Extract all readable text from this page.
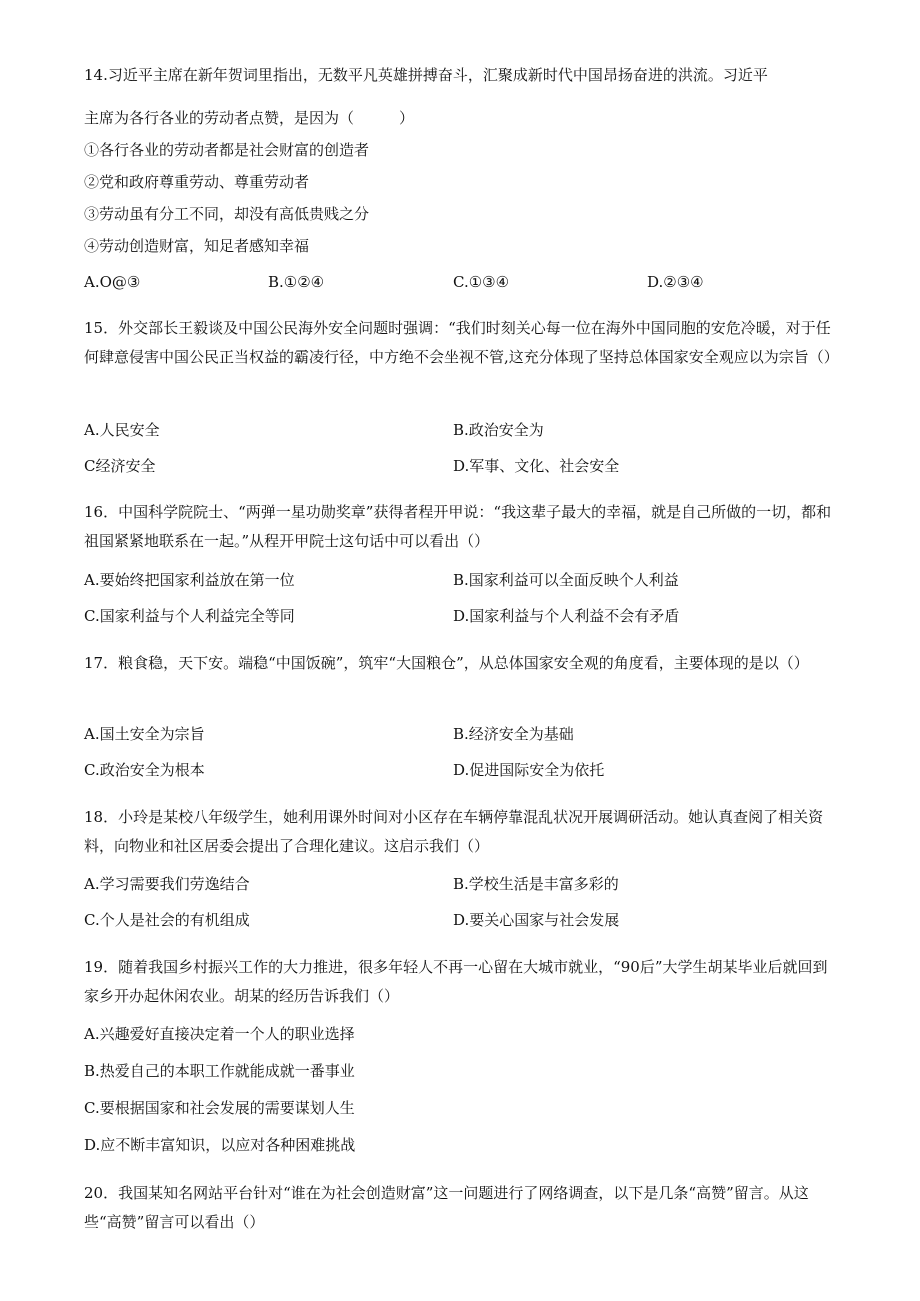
14.习近平主席在新年贺词里指出，无数平凡英雄拼搏奋斗，汇聚成新时代中国昂扬奋进的洪流。习近平
主席为各行各业的劳动者点赞，是因为（　　　）
①各行各业的劳动者都是社会财富的创造者
②党和政府尊重劳动、尊重劳动者
③劳动虽有分工不同，却没有高低贵贱之分
④劳动创造财富，知足者感知幸福
A.O@③	B.①②④	C.①③④	D.②③④
15．外交部长王毅谈及中国公民海外安全问题时强调：“我们时刻关心每一位在海外中国同胞的安危冷暖，对于任何肆意侵害中国公民正当权益的霸凌行径，中方绝不会坐视不管,这充分体现了坚持总体国家安全观应以为宗旨（）
A.人民安全	B.政治安全为
C经济安全	D.军事、文化、社会安全
16．中国科学院院士、“两弹一星功勋奖章”获得者程开甲说：“我这辈子最大的幸福，就是自己所做的一切，都和祖国紧紧地联系在一起。”从程开甲院士这句话中可以看出（）
A.要始终把国家利益放在第一位	B.国家利益可以全面反映个人利益
C.国家利益与个人利益完全等同	D.国家利益与个人利益不会有矛盾
17．粮食稳，天下安。端稳“中国饭碗”，筑牢“大国粮仓”，从总体国家安全观的角度看，主要体现的是以（）
A.国土安全为宗旨	B.经济安全为基础
C.政治安全为根本	D.促进国际安全为依托
18．小玲是某校八年级学生，她利用课外时间对小区存在车辆停靠混乱状况开展调研活动。她认真查阅了相关资料，向物业和社区居委会提出了合理化建议。这启示我们（）
A.学习需要我们劳逸结合	B.学校生活是丰富多彩的
C.个人是社会的有机组成	D.要关心国家与社会发展
19．随着我国乡村振兴工作的大力推进，很多年轻人不再一心留在大城市就业，“90后”大学生胡某毕业后就回到家乡开办起休闲农业。胡某的经历告诉我们（）
A.兴趣爱好直接决定着一个人的职业选择
B.热爱自己的本职工作就能成就一番事业
C.要根据国家和社会发展的需要谋划人生
D.应不断丰富知识，以应对各种困难挑战
20．我国某知名网站平台针对“谁在为社会创造财富”这一问题进行了网络调查，以下是几条“高赞”留言。从这些“高赞”留言可以看出（）
